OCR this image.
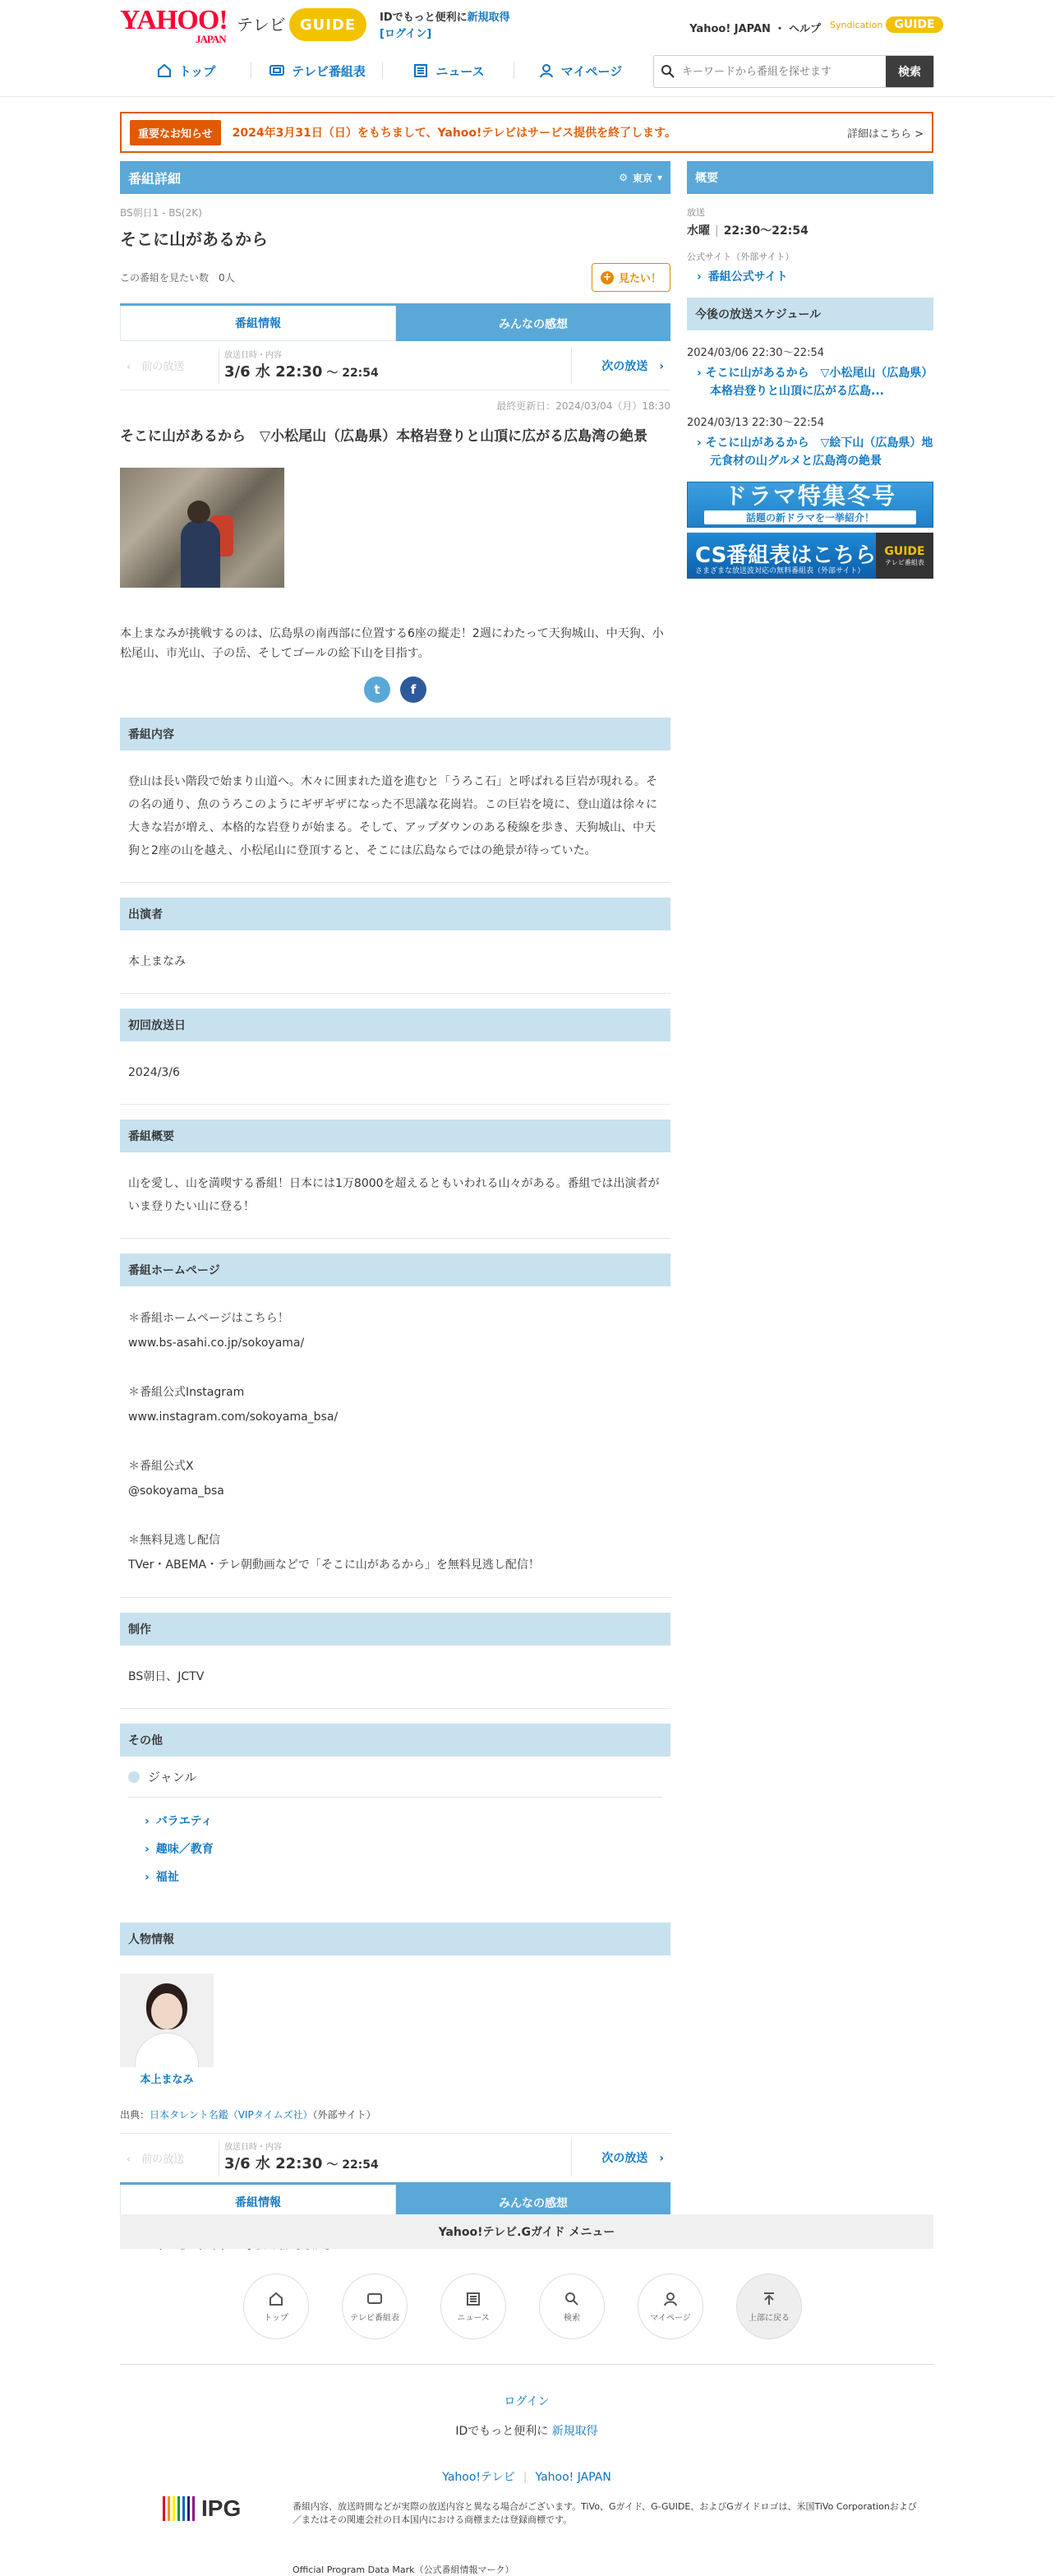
YAHOO!
JAPAN
テレビ GUIDE	IDでもっと便利に新規取得
[ログイン]	Yahoo! JAPAN ・ ヘルプ Syndication GUIDE
トップ	テレビ番組表	ニュース	マイページ
キーワードから番組を探せます	検索
重要なお知らせ	2024年3月31日（日）をもちまして、Yahoo!テレビはサービス提供を終了します。	詳細はこちら >
番組詳細	⚙ 東京 ▾
BS朝日1 - BS(2K)
そこに山があるから
この番組を見たい数　0人	+ 見たい！
番組情報	みんなの感想
‹　前の放送
放送日時・内容
3/6 水 22:30 〜 22:54	次の放送　›
最終更新日：2024/03/04（月）18:30
そこに山があるから　▽小松尾山（広島県）本格岩登りと山頂に広がる広島湾の絶景
本上まなみが挑戦するのは、広島県の南西部に位置する6座の縦走！2週にわたって天狗城山、中天狗、小松尾山、市光山、子の岳、そしてゴールの絵下山を目指す。
t	f
番組内容
登山は長い階段で始まり山道へ。木々に囲まれた道を進むと「うろこ石」と呼ばれる巨岩が現れる。その名の通り、魚のうろこのようにギザギザになった不思議な花崗岩。この巨岩を境に、登山道は徐々に大きな岩が増え、本格的な岩登りが始まる。そして、アップダウンのある稜線を歩き、天狗城山、中天狗と2座の山を越え、小松尾山に登頂すると、そこには広島ならではの絶景が待っていた。
出演者
本上まなみ
初回放送日
2024/3/6
番組概要
山を愛し、山を満喫する番組！日本には1万8000を超えるともいわれる山々がある。番組では出演者がいま登りたい山に登る！
番組ホームページ
＊番組ホームページはこちら！
www.bs-asahi.co.jp/sokoyama/

＊番組公式Instagram
www.instagram.com/sokoyama_bsa/

＊番組公式X
@sokoyama_bsa

＊無料見逃し配信
TVer・ABEMA・テレ朝動画などで「そこに山があるから」を無料見逃し配信！
制作
BS朝日、JCTV
その他
ジャンル
› バラエティ
› 趣味／教育
› 福祉
人物情報
本上まなみ
出典：日本タレント名鑑（VIPタイムズ社）（外部サイト）
‹　前の放送
放送日時・内容
3/6 水 22:30 〜 22:54	次の放送　›
番組情報	みんなの感想
概要
放送
水曜 | 22:30〜22:54
公式サイト（外部サイト）
› 番組公式サイト
今後の放送スケジュール
2024/03/06 22:30〜22:54
› そこに山があるから　▽小松尾山（広島県）本格岩登りと山頂に広がる広島...
2024/03/13 22:30〜22:54
› そこに山があるから　▽絵下山（広島県）地元食材の山グルメと広島湾の絶景
ドラマ特集冬号
話題の新ドラマを一挙紹介！
CS番組表はこちら
さまざまな放送波対応の無料番組表（外部サイト）
GUIDE
テレビ番組表
Yahoo!テレビ.Gガイド メニュー
トップ	テレビ番組表	ニュース	検索	マイページ	上部に戻る
ログイン
IDでもっと便利に 新規取得
Yahoo!テレビ | Yahoo! JAPAN
IPG	番組内容、放送時間などが実際の放送内容と異なる場合がございます。TiVo、Gガイド、G-GUIDE、およびGガイドロゴは、米国TiVo Corporationおよび／またはその関連会社の日本国内における商標または登録商標です。
Official Program Data Mark（公式番組情報マーク）
